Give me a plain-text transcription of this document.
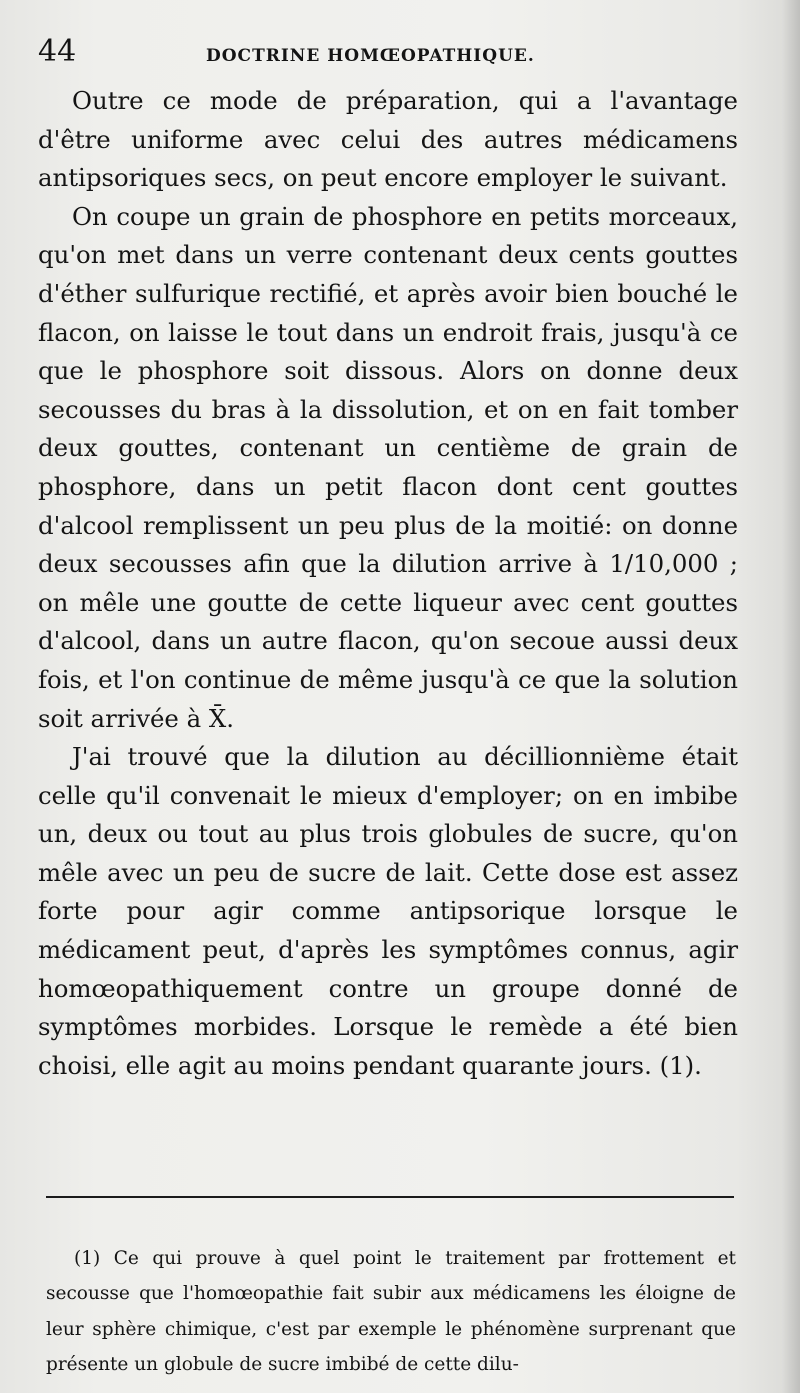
44	DOCTRINE HOMŒOPATHIQUE.

Outre ce mode de préparation, qui a l'avantage d'être uniforme avec celui des autres médicamens antipsoriques secs, on peut encore employer le suivant.

On coupe un grain de phosphore en petits morceaux, qu'on met dans un verre contenant deux cents gouttes d'éther sulfurique rectifié, et après avoir bien bouché le flacon, on laisse le tout dans un endroit frais, jusqu'à ce que le phosphore soit dissous. Alors on donne deux secousses du bras à la dissolution, et on en fait tomber deux gouttes, contenant un centième de grain de phosphore, dans un petit flacon dont cent gouttes d'alcool remplissent un peu plus de la moitié: on donne deux secousses afin que la dilution arrive à 1/10,000 ; on mêle une goutte de cette liqueur avec cent gouttes d'alcool, dans un autre flacon, qu'on secoue aussi deux fois, et l'on continue de même jusqu'à ce que la solution soit arrivée à X̄.

J'ai trouvé que la dilution au décillionnième était celle qu'il convenait le mieux d'employer; on en imbibe un, deux ou tout au plus trois globules de sucre, qu'on mêle avec un peu de sucre de lait. Cette dose est assez forte pour agir comme antipsorique lorsque le médicament peut, d'après les symptômes connus, agir homœopathiquement contre un groupe donné de symptômes morbides. Lorsque le remède a été bien choisi, elle agit au moins pendant quarante jours. (1).

(1) Ce qui prouve à quel point le traitement par frottement et secousse que l'homœopathie fait subir aux médicamens les éloigne de leur sphère chimique, c'est par exemple le phénomène surprenant que présente un globule de sucre imbibé de cette dilu-
